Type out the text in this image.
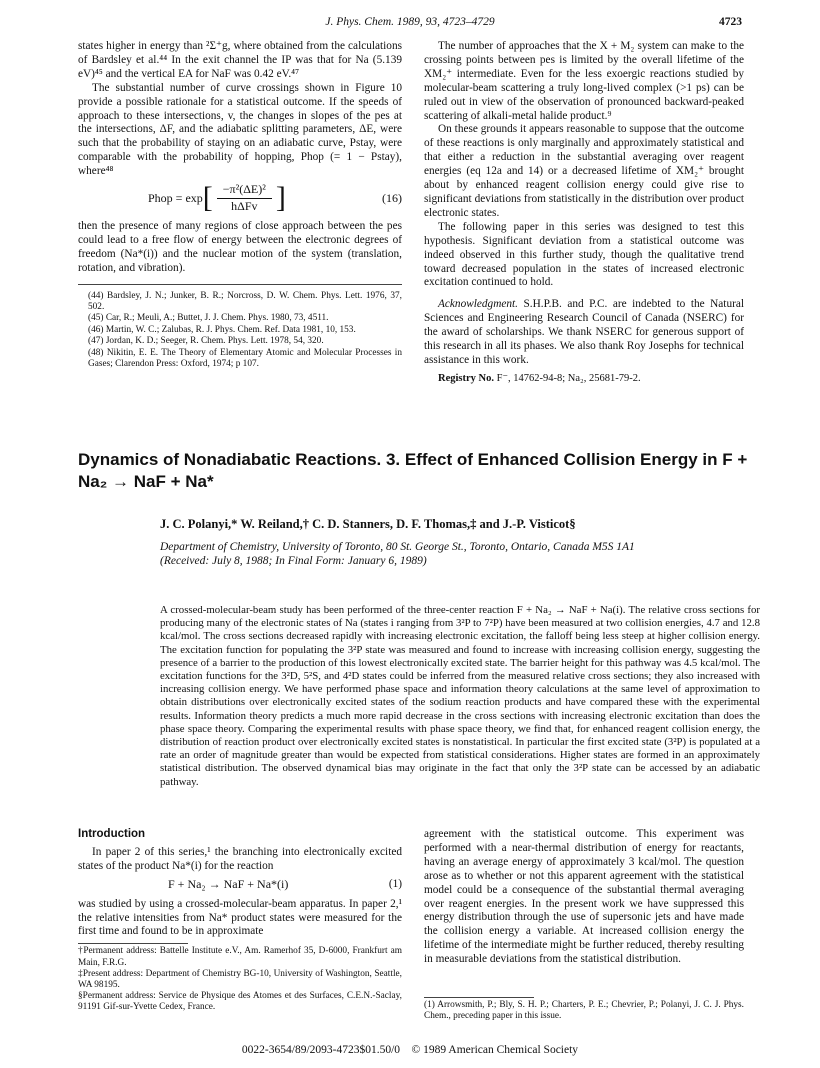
J. Phys. Chem. 1989, 93, 4723–4729	4723

states higher in energy than ²Σ⁺g, where obtained from the calculations of Bardsley et al.⁴⁴ In the exit channel the IP was that for Na (5.139 eV)⁴⁵ and the vertical EA for NaF was 0.42 eV.⁴⁷

The substantial number of curve crossings shown in Figure 10 provide a possible rationale for a statistical outcome. If the speeds of approach to these intersections, v, the changes in slopes of the pes at the intersections, ΔF, and the adiabatic splitting parameters, ΔE, were such that the probability of staying on an adiabatic curve, Pstay, were comparable with the probability of hopping, Phop (= 1 − Pstay), where⁴⁸

Phop = exp [ $\frac{\text{−π²(ΔE)²}}{\text{hΔFv}}$ ]	(16)

then the presence of many regions of close approach between the pes could lead to a free flow of energy between the electronic degrees of freedom (Na*(i)) and the nuclear motion of the system (translation, rotation, and vibration).

(44) Bardsley, J. N.; Junker, B. R.; Norcross, D. W. Chem. Phys. Lett. 1976, 37, 502.
(45) Car, R.; Meuli, A.; Buttet, J. J. Chem. Phys. 1980, 73, 4511.
(46) Martin, W. C.; Zalubas, R. J. Phys. Chem. Ref. Data 1981, 10, 153.
(47) Jordan, K. D.; Seeger, R. Chem. Phys. Lett. 1978, 54, 320.
(48) Nikitin, E. E. The Theory of Elementary Atomic and Molecular Processes in Gases; Clarendon Press: Oxford, 1974; p 107.

The number of approaches that the X + M₂ system can make to the crossing points between pes is limited by the overall lifetime of the XM₂⁺ intermediate. Even for the less exoergic reactions studied by molecular-beam scattering a truly long-lived complex (>1 ps) can be ruled out in view of the observation of pronounced backward-peaked scattering of alkali-metal halide product.⁹

On these grounds it appears reasonable to suppose that the outcome of these reactions is only marginally and approximately statistical and that either a reduction in the substantial averaging over reagent energies (eq 12a and 14) or a decreased lifetime of XM₂⁺ brought about by enhanced reagent collision energy could give rise to significant deviations from statistically in the distribution over product electronic states.

The following paper in this series was designed to test this hypothesis. Significant deviation from a statistical outcome was indeed observed in this further study, though the qualitative trend toward decreased population in the states of increased electronic excitation continued to hold.

Acknowledgment. S.H.P.B. and P.C. are indebted to the Natural Sciences and Engineering Research Council of Canada (NSERC) for the award of scholarships. We thank NSERC for generous support of this research in all its phases. We also thank Roy Josephs for technical assistance in this work.

Registry No. F⁻, 14762-94-8; Na₂, 25681-79-2.

Dynamics of Nonadiabatic Reactions. 3. Effect of Enhanced Collision Energy in F + Na₂ → NaF + Na*
J. C. Polanyi,* W. Reiland,† C. D. Stanners, D. F. Thomas,‡ and J.-P. Visticot§
Department of Chemistry, University of Toronto, 80 St. George St., Toronto, Ontario, Canada M5S 1A1
(Received: July 8, 1988; In Final Form: January 6, 1989)
A crossed-molecular-beam study has been performed of the three-center reaction F + Na₂ → NaF + Na(i). The relative cross sections for producing many of the electronic states of Na (states i ranging from 3²P to 7²P) have been measured at two collision energies, 4.7 and 12.8 kcal/mol. The cross sections decreased rapidly with increasing electronic excitation, the falloff being less steep at higher collision energy. The excitation function for populating the 3²P state was measured and found to increase with increasing collision energy, suggesting the presence of a barrier to the production of this lowest electronically excited state. The barrier height for this pathway was 4.5 kcal/mol. The excitation functions for the 3²D, 5²S, and 4²D states could be inferred from the measured relative cross sections; they also increased with increasing collision energy. We have performed phase space and information theory calculations at the same level of approximation to obtain distributions over electronically excited states of the sodium reaction products and have compared these with the experimental results. Information theory predicts a much more rapid decrease in the cross sections with increasing electronic excitation than does the phase space theory. Comparing the experimental results with phase space theory, we find that, for enhanced reagent collision energy, the distribution of reaction product over electronically excited states is nonstatistical. In particular the first excited state (3²P) is populated at a rate an order of magnitude greater than would be expected from statistical considerations. Higher states are formed in an approximately statistical distribution. The observed dynamical bias may originate in the fact that only the 3²P state can be accessed by an adiabatic pathway.
Introduction

In paper 2 of this series,¹ the branching into electronically excited states of the product Na*(i) for the reaction

F + Na₂ → NaF + Na*(i)	(1)

was studied by using a crossed-molecular-beam apparatus. In paper 2,¹ the relative intensities from Na* product states were measured for the first time and found to be in approximate

†Permanent address: Battelle Institute e.V., Am. Ramerhof 35, D-6000, Frankfurt am Main, F.R.G.
‡Present address: Department of Chemistry BG-10, University of Washington, Seattle, WA 98195.
§Permanent address: Service de Physique des Atomes et des Surfaces, C.E.N.-Saclay, 91191 Gif-sur-Yvette Cedex, France.

agreement with the statistical outcome. This experiment was performed with a near-thermal distribution of energy for reactants, having an average energy of approximately 3 kcal/mol. The question arose as to whether or not this apparent agreement with the statistical model could be a consequence of the substantial thermal averaging over reagent energies. In the present work we have suppressed this energy distribution through the use of supersonic jets and have made the collision energy a variable. At increased collision energy the lifetime of the intermediate might be further reduced, thereby resulting in measurable deviations from the statistical distribution.

(1) Arrowsmith, P.; Bly, S. H. P.; Charters, P. E.; Chevrier, P.; Polanyi, J. C. J. Phys. Chem., preceding paper in this issue.
0022-3654/89/2093-4723$01.50/0 © 1989 American Chemical Society
